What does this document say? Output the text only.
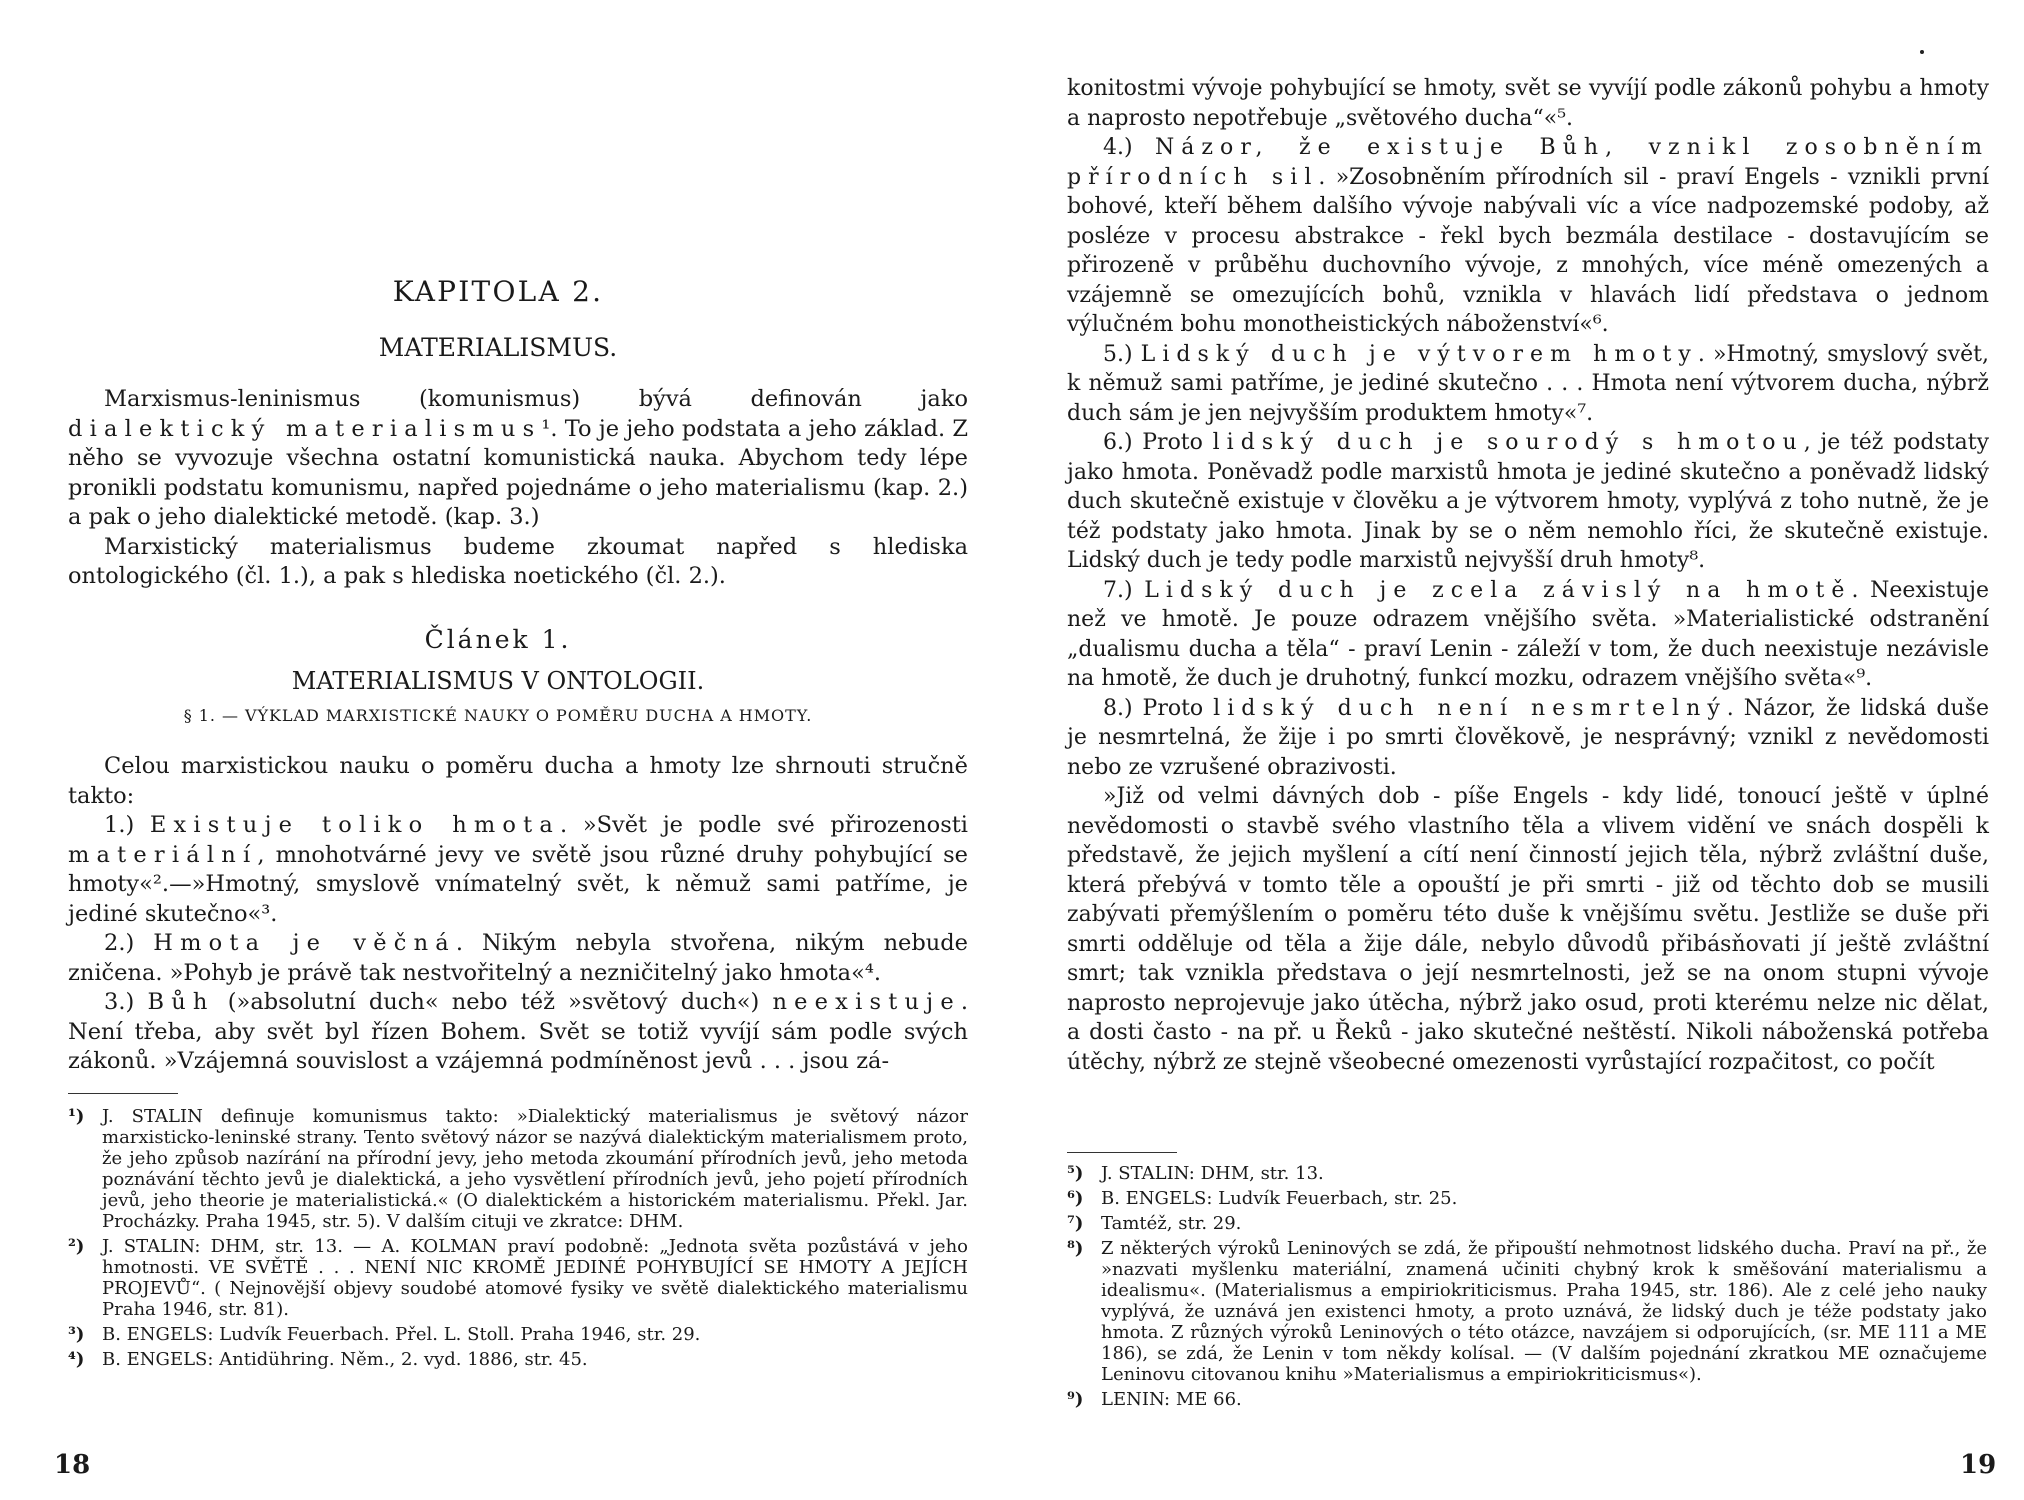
KAPITOLA 2.

MATERIALISMUS.

Marxismus-leninismus (komunismus) bývá definován jako dialektický materialismus¹. To je jeho podstata a jeho základ. Z něho se vyvozuje všechna ostatní komunistická nauka. Abychom tedy lépe pronikli podstatu komunismu, napřed pojednáme o jeho materialismu (kap. 2.) a pak o jeho dialektické metodě. (kap. 3.)

Marxistický materialismus budeme zkoumat napřed s hlediska ontologického (čl. 1.), a pak s hlediska noetického (čl. 2.).

Článek 1.

MATERIALISMUS V ONTOLOGII.

§ 1. — VÝKLAD MARXISTICKÉ NAUKY O POMĚRU DUCHA A HMOTY.

Celou marxistickou nauku o poměru ducha a hmoty lze shrnouti stručně takto:

1.) Existuje toliko hmota. »Svět je podle své přirozenosti materiální, mnohotvárné jevy ve světě jsou různé druhy pohybující se hmoty«².—»Hmotný, smyslově vnímatelný svět, k němuž sami patříme, je jediné skutečno«³.

2.) Hmota je věčná. Nikým nebyla stvořena, nikým nebude zničena. »Pohyb je právě tak nestvořitelný a nezničitelný jako hmota«⁴.

3.) Bůh (»absolutní duch« nebo též »světový duch«) neexistuje. Není třeba, aby svět byl řízen Bohem. Svět se totiž vyvíjí sám podle svých zákonů. »Vzájemná souvislost a vzájemná podmíněnost jevů . . . jsou zá-

¹) J. STALIN definuje komunismus takto: »Dialektický materialismus je světový názor marxisticko-leninské strany. Tento světový názor se nazývá dialektickým materialismem proto, že jeho způsob nazírání na přírodní jevy, jeho metoda zkoumání přírodních jevů, jeho metoda poznávání těchto jevů je dialektická, a jeho vysvětlení přírodních jevů, jeho pojetí přírodních jevů, jeho theorie je materialistická.« (O dialektickém a historickém materialismu. Překl. Jar. Procházky. Praha 1945, str. 5). V dalším cituji ve zkratce: DHM.

²) J. STALIN: DHM, str. 13. — A. KOLMAN praví podobně: „Jednota světa pozůstává v jeho hmotnosti. VE SVĚTĚ . . . NENÍ NIC KROMĚ JEDINÉ POHYBUJÍCÍ SE HMOTY A JEJÍCH PROJEVŮ“. ( Nejnovější objevy soudobé atomové fysiky ve světě dialektického materialismu Praha 1946, str. 81).

³) B. ENGELS: Ludvík Feuerbach. Přel. L. Stoll. Praha 1946, str. 29.

⁴) B. ENGELS: Antidühring. Něm., 2. vyd. 1886, str. 45.

18

konitostmi vývoje pohybující se hmoty, svět se vyvíjí podle zákonů pohybu a hmoty a naprosto nepotřebuje „světového ducha“«⁵.

4.) Názor, že existuje Bůh, vznikl zosobněním přírodních sil. »Zosobněním přírodních sil - praví Engels - vznikli první bohové, kteří během dalšího vývoje nabývali víc a více nadpozemské podoby, až posléze v procesu abstrakce - řekl bych bezmála destilace - dostavujícím se přirozeně v průběhu duchovního vývoje, z mnohých, více méně omezených a vzájemně se omezujících bohů, vznikla v hlavách lidí představa o jednom výlučném bohu monotheistických náboženství«⁶.

5.) Lidský duch je výtvorem hmoty. »Hmotný, smyslový svět, k němuž sami patříme, je jediné skutečno . . . Hmota není výtvorem ducha, nýbrž duch sám je jen nejvyšším produktem hmoty«⁷.

6.) Proto lidský duch je sourodý s hmotou, je též podstaty jako hmota. Poněvadž podle marxistů hmota je jediné skutečno a poněvadž lidský duch skutečně existuje v člověku a je výtvorem hmoty, vyplývá z toho nutně, že je též podstaty jako hmota. Jinak by se o něm nemohlo říci, že skutečně existuje. Lidský duch je tedy podle marxistů nejvyšší druh hmoty⁸.

7.) Lidský duch je zcela závislý na hmotě. Neexistuje než ve hmotě. Je pouze odrazem vnějšího světa. »Materialistické odstranění „dualismu ducha a těla“ - praví Lenin - záleží v tom, že duch neexistuje nezávisle na hmotě, že duch je druhotný, funkcí mozku, odrazem vnějšího světa«⁹.

8.) Proto lidský duch není nesmrtelný. Názor, že lidská duše je nesmrtelná, že žije i po smrti člověkově, je nesprávný; vznikl z nevědomosti nebo ze vzrušené obrazivosti.

»Již od velmi dávných dob - píše Engels - kdy lidé, tonoucí ještě v úplné nevědomosti o stavbě svého vlastního těla a vlivem vidění ve snách dospěli k představě, že jejich myšlení a cítí není činností jejich těla, nýbrž zvláštní duše, která přebývá v tomto těle a opouští je při smrti - již od těchto dob se musili zabývati přemýšlením o poměru této duše k vnějšímu světu. Jestliže se duše při smrti odděluje od těla a žije dále, nebylo důvodů přibásňovati jí ještě zvláštní smrt; tak vznikla představa o její nesmrtelnosti, jež se na onom stupni vývoje naprosto neprojevuje jako útěcha, nýbrž jako osud, proti kterému nelze nic dělat, a dosti často - na př. u Řeků - jako skutečné neštěstí. Nikoli náboženská potřeba útěchy, nýbrž ze stejně všeobecné omezenosti vyrůstající rozpačitost, co počít

⁵) J. STALIN: DHM, str. 13.

⁶) B. ENGELS: Ludvík Feuerbach, str. 25.

⁷) Tamtéž, str. 29.

⁸) Z některých výroků Leninových se zdá, že připouští nehmotnost lidského ducha. Praví na př., že »nazvati myšlenku materiální, znamená učiniti chybný krok k směšování materialismu a idealismu«. (Materialismus a empiriokriticismus. Praha 1945, str. 186). Ale z celé jeho nauky vyplývá, že uznává jen existenci hmoty, a proto uznává, že lidský duch je téže podstaty jako hmota. Z různých výroků Leninových o této otázce, navzájem si odporujících, (sr. ME 111 a ME 186), se zdá, že Lenin v tom někdy kolísal. — (V dalším pojednání zkratkou ME označujeme Leninovu citovanou knihu »Materialismus a empiriokriticismus«).

⁹) LENIN: ME 66.

19
